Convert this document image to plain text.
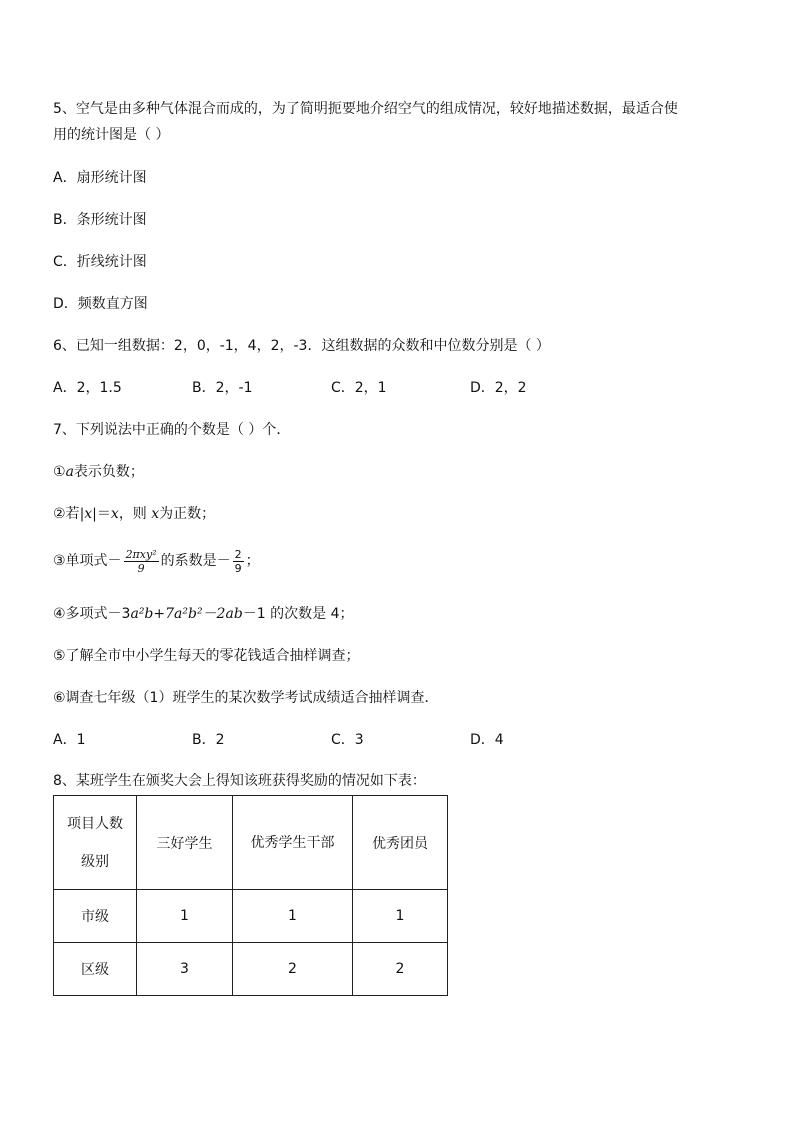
5、空气是由多种气体混合而成的，为了简明扼要地介绍空气的组成情况，较好地描述数据，最适合使
用的统计图是（ ）
A．扇形统计图
B．条形统计图
C．折线统计图
D．频数直方图
6、已知一组数据：2，0，-1，4，2，-3．这组数据的众数和中位数分别是（ ）
A．2，1.5	B．2，-1	C．2，1	D．2，2
7、下列说法中正确的个数是（ ）个．
①a表示负数；
②若|x|＝x，则 x为正数；
③单项式－ $\frac{\text{2πxy²}}{9}$ 的系数是－ $\frac{2}{9}$ ；
④多项式－3a²b+7a²b²－2ab－1 的次数是 4；
⑤了解全市中小学生每天的零花钱适合抽样调查；
⑥调查七年级（1）班学生的某次数学考试成绩适合抽样调查．
A．1	B．2	C．3	D．4
8、某班学生在颁奖大会上得知该班获得奖励的情况如下表：
项目人数
级别	三好学生	优秀学生干部	优秀团员
市级	1	1	1
区级	3	2	2
